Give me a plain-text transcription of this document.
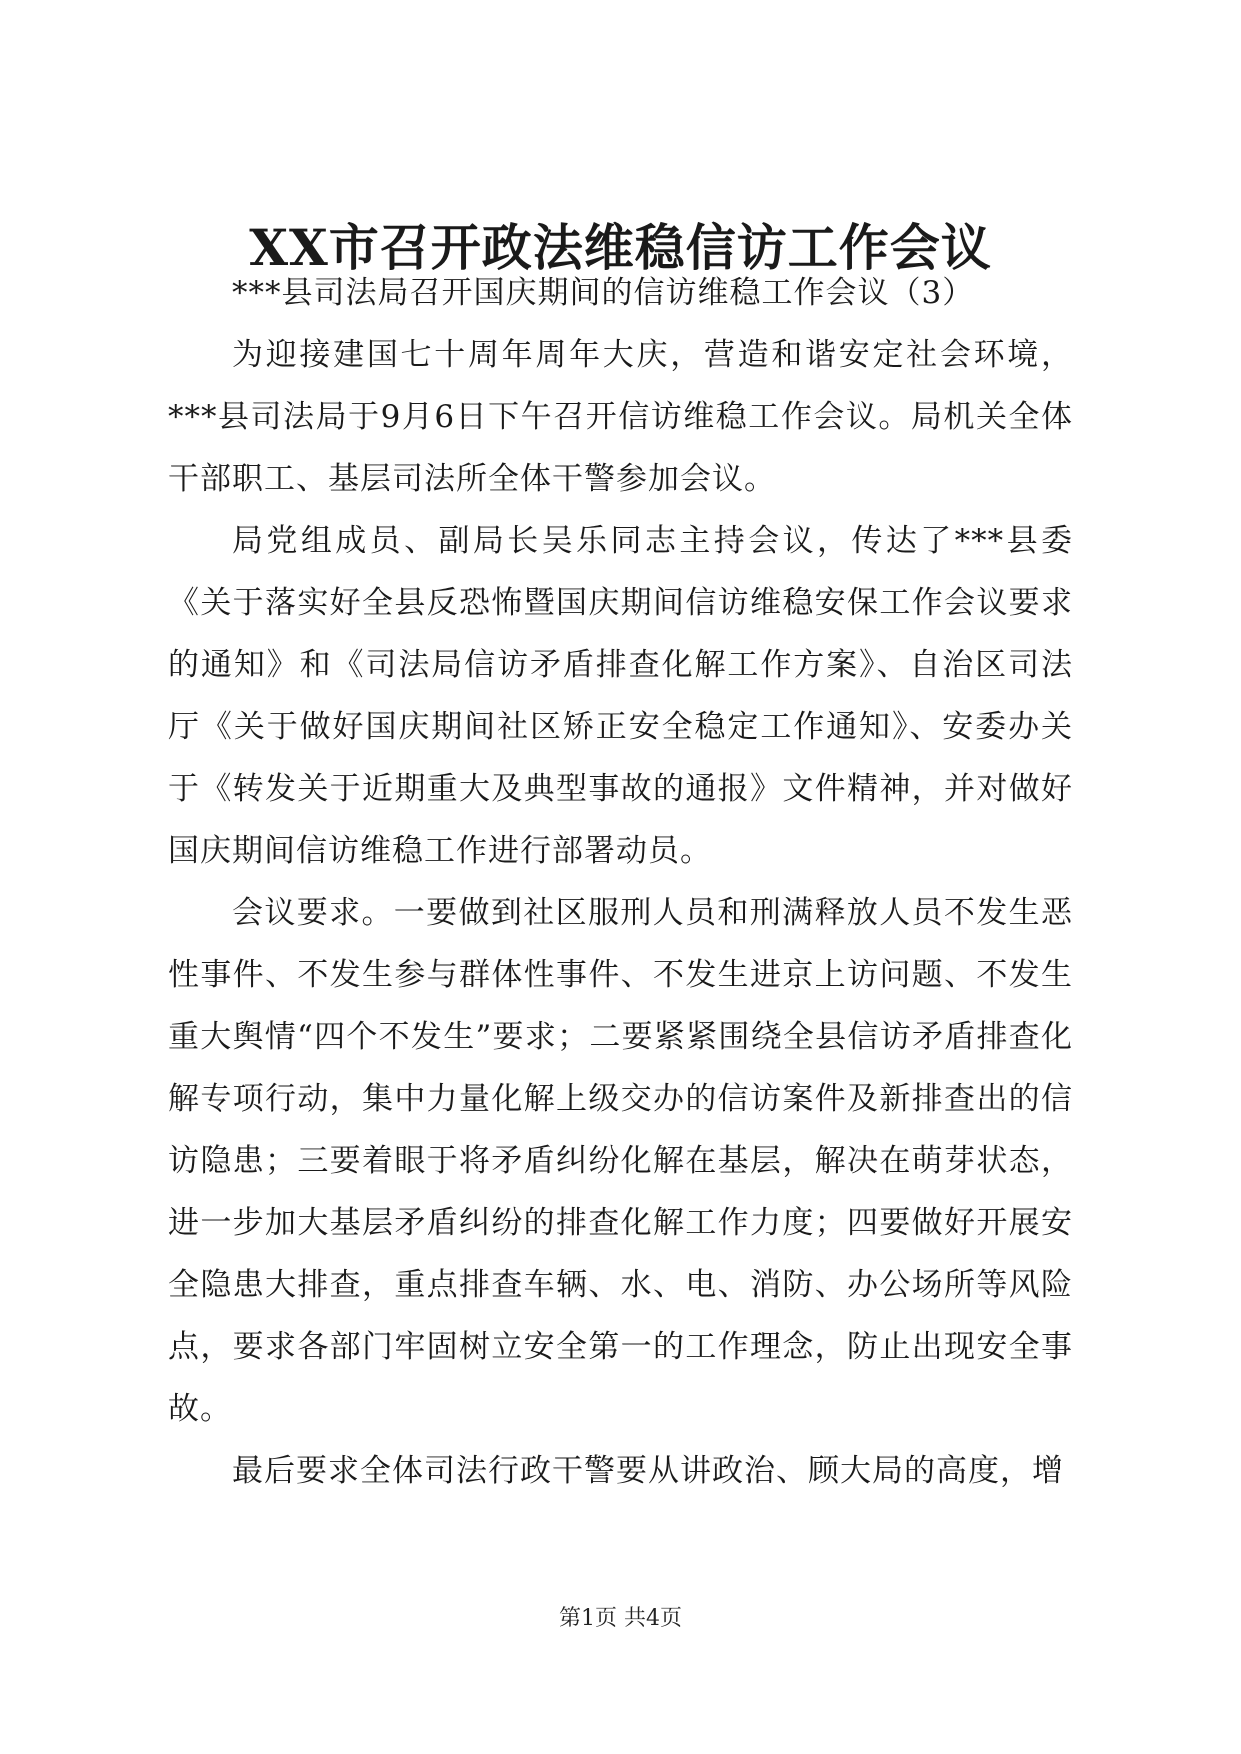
XX市召开政法维稳信访工作会议

***县司法局召开国庆期间的信访维稳工作会议（3）

为迎接建国七十周年周年大庆，营造和谐安定社会环境，***县司法局于9月6日下午召开信访维稳工作会议。局机关全体干部职工、基层司法所全体干警参加会议。

局党组成员、副局长吴乐同志主持会议，传达了***县委《关于落实好全县反恐怖暨国庆期间信访维稳安保工作会议要求的通知》和《司法局信访矛盾排查化解工作方案》、自治区司法厅《关于做好国庆期间社区矫正安全稳定工作通知》、安委办关于《转发关于近期重大及典型事故的通报》文件精神，并对做好国庆期间信访维稳工作进行部署动员。

会议要求。一要做到社区服刑人员和刑满释放人员不发生恶性事件、不发生参与群体性事件、不发生进京上访问题、不发生重大舆情“四个不发生”要求；二要紧紧围绕全县信访矛盾排查化解专项行动，集中力量化解上级交办的信访案件及新排查出的信访隐患；三要着眼于将矛盾纠纷化解在基层，解决在萌芽状态，进一步加大基层矛盾纠纷的排查化解工作力度；四要做好开展安全隐患大排查，重点排查车辆、水、电、消防、办公场所等风险点，要求各部门牢固树立安全第一的工作理念，防止出现安全事故。

最后要求全体司法行政干警要从讲政治、顾大局的高度，增

第1页 共4页
